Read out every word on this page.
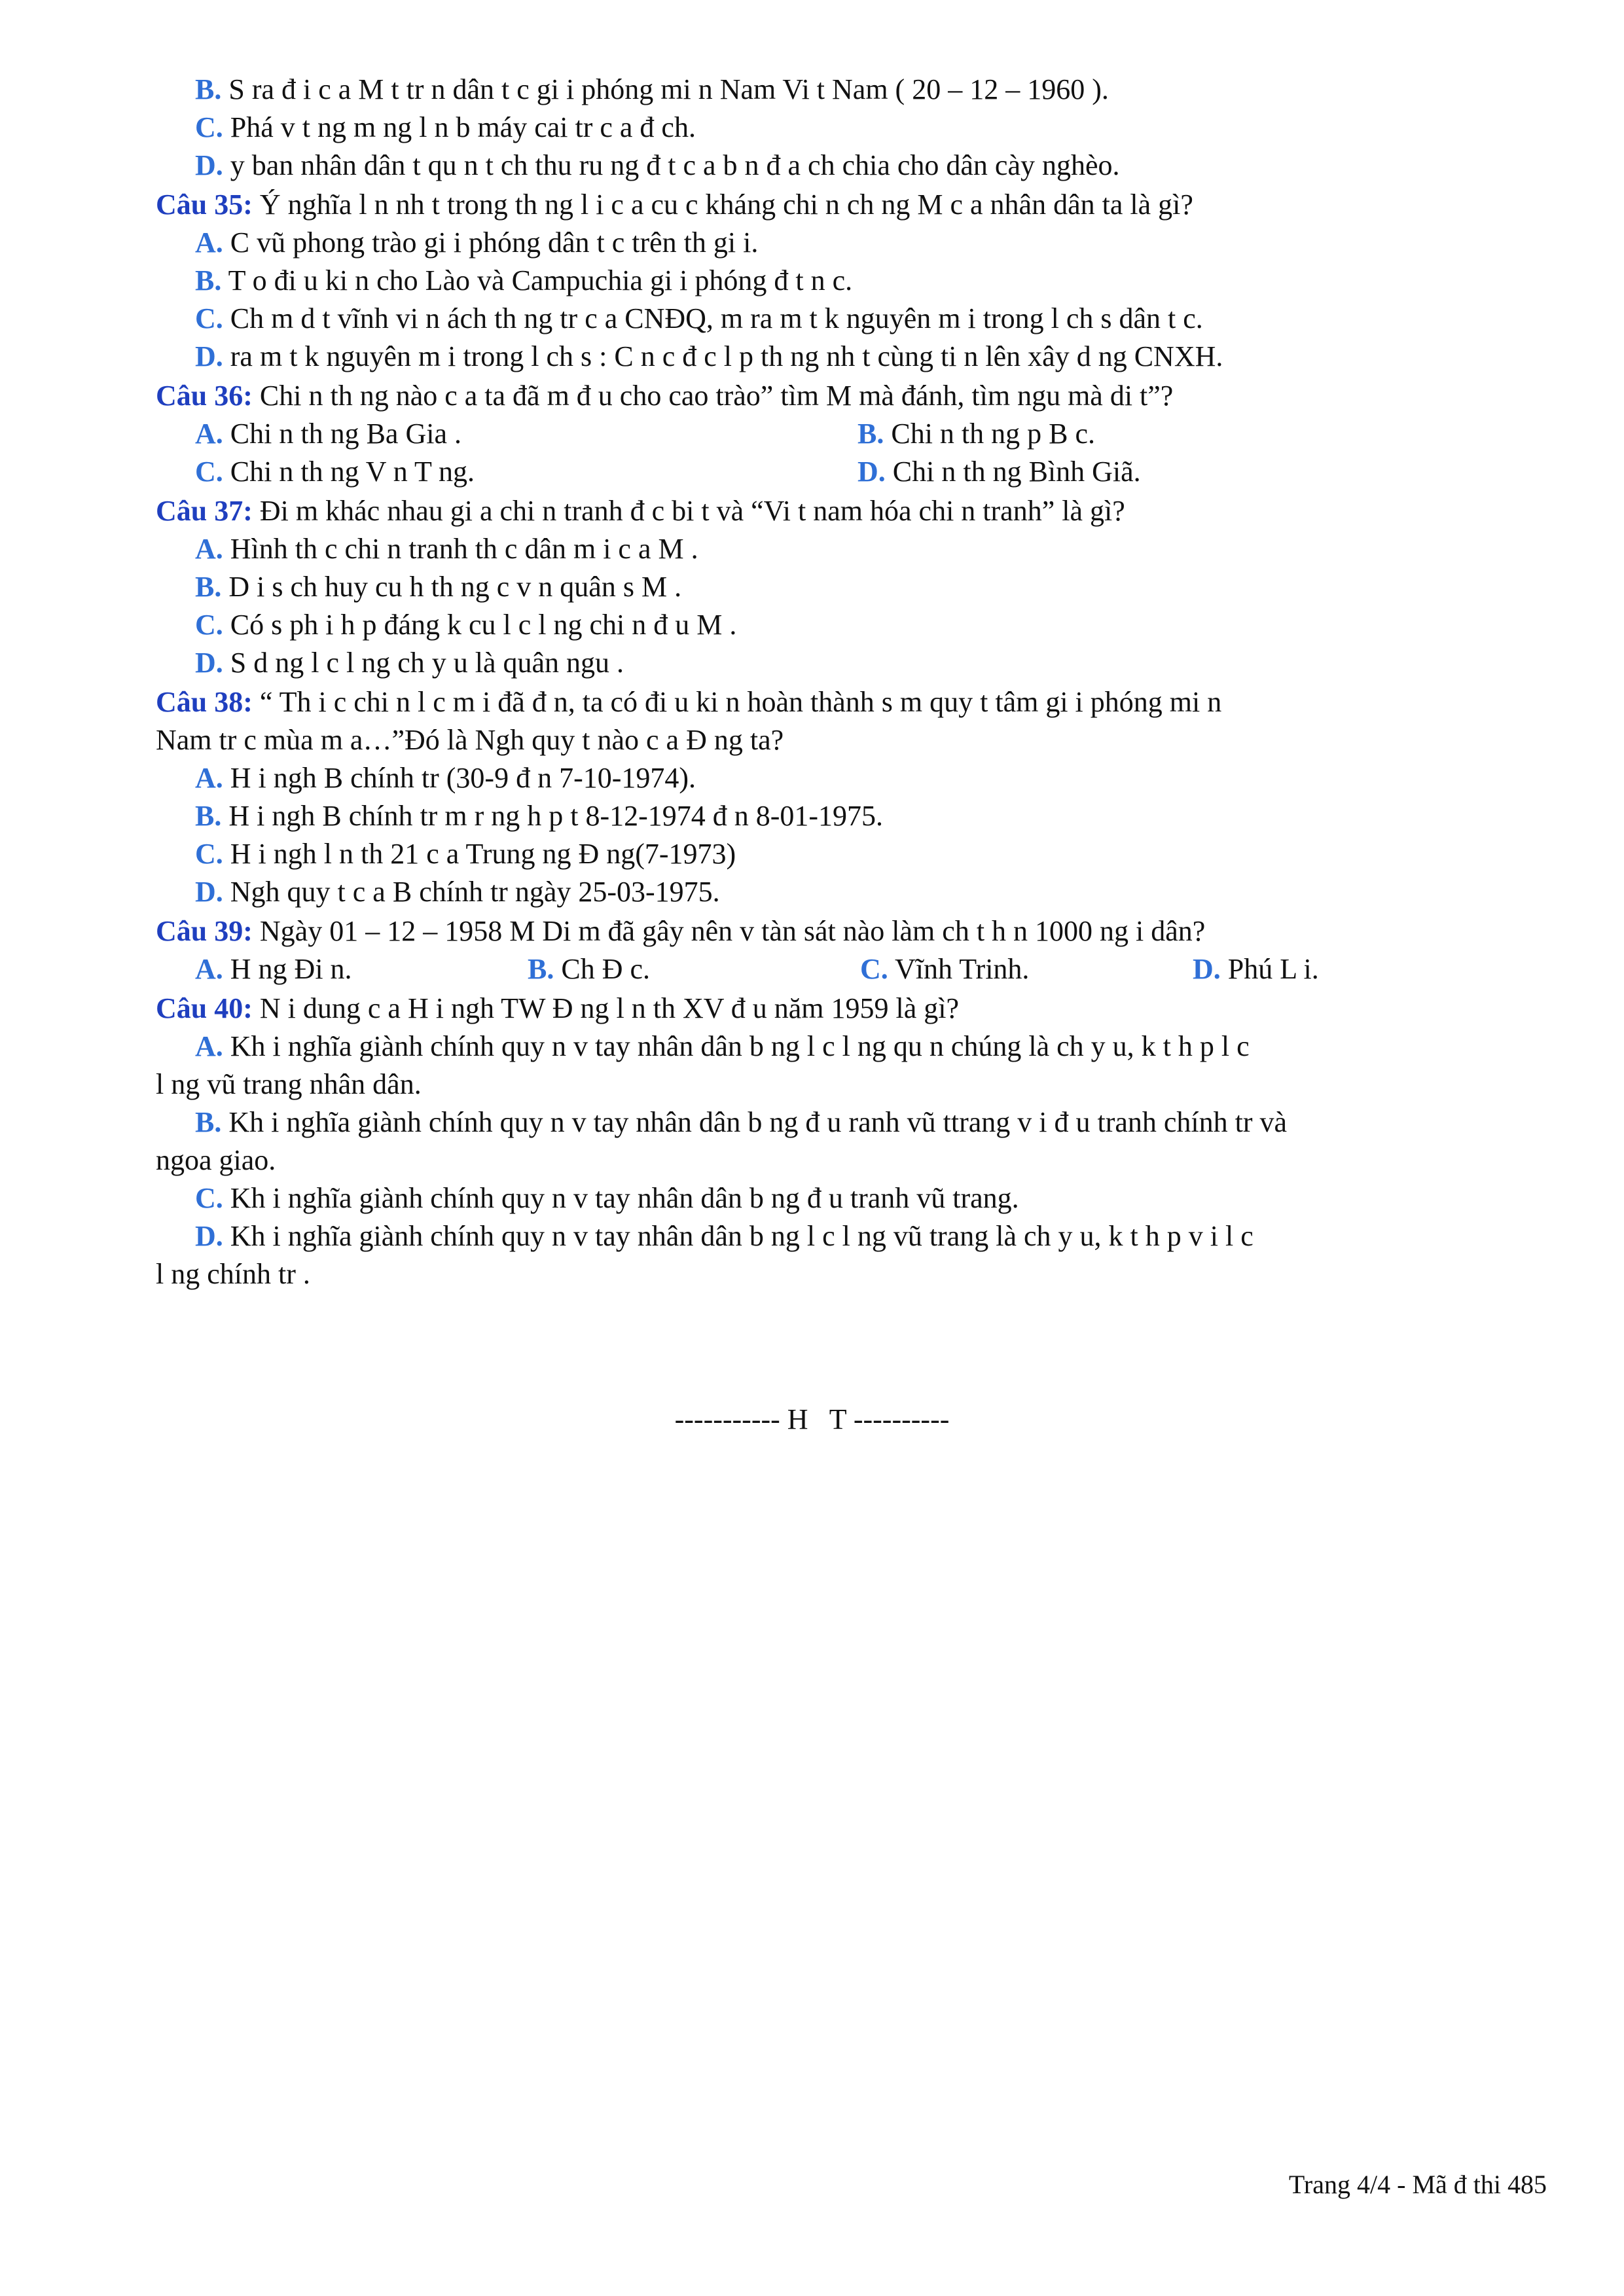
B. S ra đ i c a M t tr n dân t c gi i phóng mi n Nam Vi t Nam ( 20 – 12 – 1960 ).
C. Phá v t ng m ng l n b máy cai tr c a đ ch.
D. y ban nhân dân t qu n t ch thu ru ng đ t c a b n đ a ch chia cho dân cày nghèo.
Câu 35: Ý nghĩa l n nh t trong th ng l i c a cu c kháng chi n ch ng M c a nhân dân ta là gì?
A. C vũ phong trào gi i phóng dân t c trên th gi i.
B. T o đi u ki n cho Lào và Campuchia gi i phóng đ t n c.
C. Ch m d t vĩnh vi n ách th ng tr c a CNĐQ, m ra m t k nguyên m i trong l ch s dân t c.
D. ra m t k nguyên m i trong l ch s : C n c đ c l p th ng nh t cùng ti n lên xây d ng CNXH.
Câu 36: Chi n th ng nào c a ta đã m đ u cho cao trào” tìm M mà đánh, tìm ngu mà di t”?
A. Chi n th ng Ba Gia .	B. Chi n th ng p B c.
C. Chi n th ng V n T ng.	D. Chi n th ng Bình Giã.
Câu 37: Đi m khác nhau gi a chi n tranh đ c bi t và “Vi t nam hóa chi n tranh” là gì?
A. Hình th c chi n tranh th c dân m i c a M .
B. D i s ch huy cu h th ng c v n quân s M .
C. Có s ph i h p đáng k cu l c l ng chi n đ u M .
D. S d ng l c l ng ch y u là quân ngu .
Câu 38: “ Th i c chi n l c m i đã đ n, ta có đi u ki n hoàn thành s m quy t tâm gi i phóng mi n
Nam tr c mùa m a…”Đó là Ngh quy t nào c a Đ ng ta?
A. H i ngh B chính tr (30-9 đ n 7-10-1974).
B. H i ngh B chính tr m r ng h p t 8-12-1974 đ n 8-01-1975.
C. H i ngh l n th 21 c a Trung ng Đ ng(7-1973)
D. Ngh quy t c a B chính tr ngày 25-03-1975.
Câu 39: Ngày 01 – 12 – 1958 M Di m đã gây nên v tàn sát nào làm ch t h n 1000 ng i dân?
A. H ng Đi n.	B. Ch Đ c.	C. Vĩnh Trinh.	D. Phú L i.
Câu 40: N i dung c a H i ngh TW Đ ng l n th XV đ u năm 1959 là gì?
A. Kh i nghĩa giành chính quy n v tay nhân dân b ng l c l ng qu n chúng là ch y u, k t h p l c
l ng vũ trang nhân dân.
B. Kh i nghĩa giành chính quy n v tay nhân dân b ng đ u ranh vũ ttrang v i đ u tranh chính tr và
ngoa giao.
C. Kh i nghĩa giành chính quy n v tay nhân dân b ng đ u tranh vũ trang.
D. Kh i nghĩa giành chính quy n v tay nhân dân b ng l c l ng vũ trang là ch y u, k t h p v i l c
l ng chính tr .
----------- H   T ----------
Trang 4/4 - Mã đ thi 485
